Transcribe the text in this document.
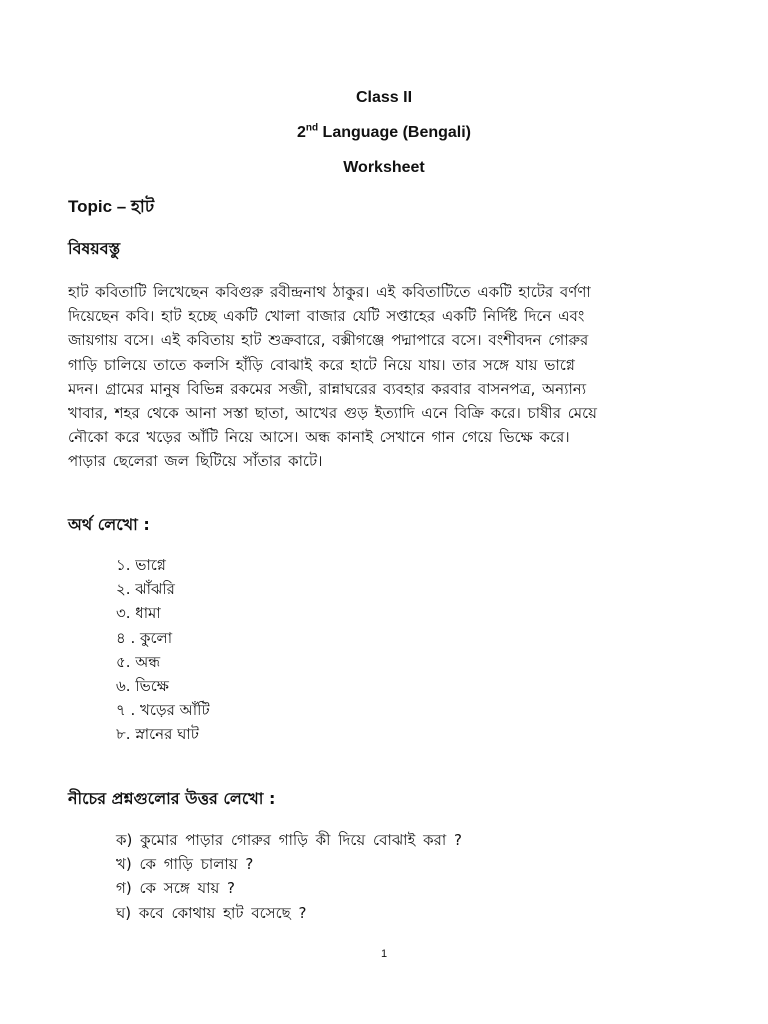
Class II
2nd Language (Bengali)
Worksheet
Topic – হাট
বিষয়বস্তু
হাট কবিতাটি লিখেছেন কবিগুরু রবীন্দ্রনাথ ঠাকুর। এই কবিতাটিতে একটি হাটের বর্ণণা
দিয়েছেন কবি। হাট হচ্ছে একটি খোলা বাজার যেটি সপ্তাহের একটি নির্দিষ্ট দিনে এবং
জায়গায় বসে। এই কবিতায় হাট শুক্রবারে, বক্সীগঞ্জে পদ্মাপারে বসে। বংশীবদন গোরুর
গাড়ি চালিয়ে তাতে কলসি হাঁড়ি বোঝাই করে হাটে নিয়ে যায়। তার সঙ্গে যায় ভাগ্নে
মদন। গ্রামের মানুষ বিভিন্ন রকমের সব্জী, রান্নাঘরের ব্যবহার করবার বাসনপত্র, অন্যান্য
খাবার, শহর থেকে আনা সস্তা ছাতা, আখের গুড় ইত্যাদি এনে বিক্রি করে। চাষীর মেয়ে
নৌকো করে খড়ের আঁটি নিয়ে আসে। অন্ধ কানাই সেখানে গান গেয়ে ভিক্ষে করে।
পাড়ার ছেলেরা জল ছিটিয়ে সাঁতার কাটে।
অর্থ লেখো :
১. ভাগ্নে
২. ঝাঁঝরি
৩. ধামা
৪ . কুলো
৫. অন্ধ
৬. ভিক্ষে
৭ . খড়ের আঁটি
৮. স্নানের ঘাট
নীচের প্রশ্নগুলোর উত্তর লেখো :
ক) কুমোর পাড়ার গোরুর গাড়ি কী দিয়ে বোঝাই করা ?
খ) কে গাড়ি চালায় ?
গ) কে সঙ্গে যায় ?
ঘ) কবে কোথায় হাট বসেছে ?
1
